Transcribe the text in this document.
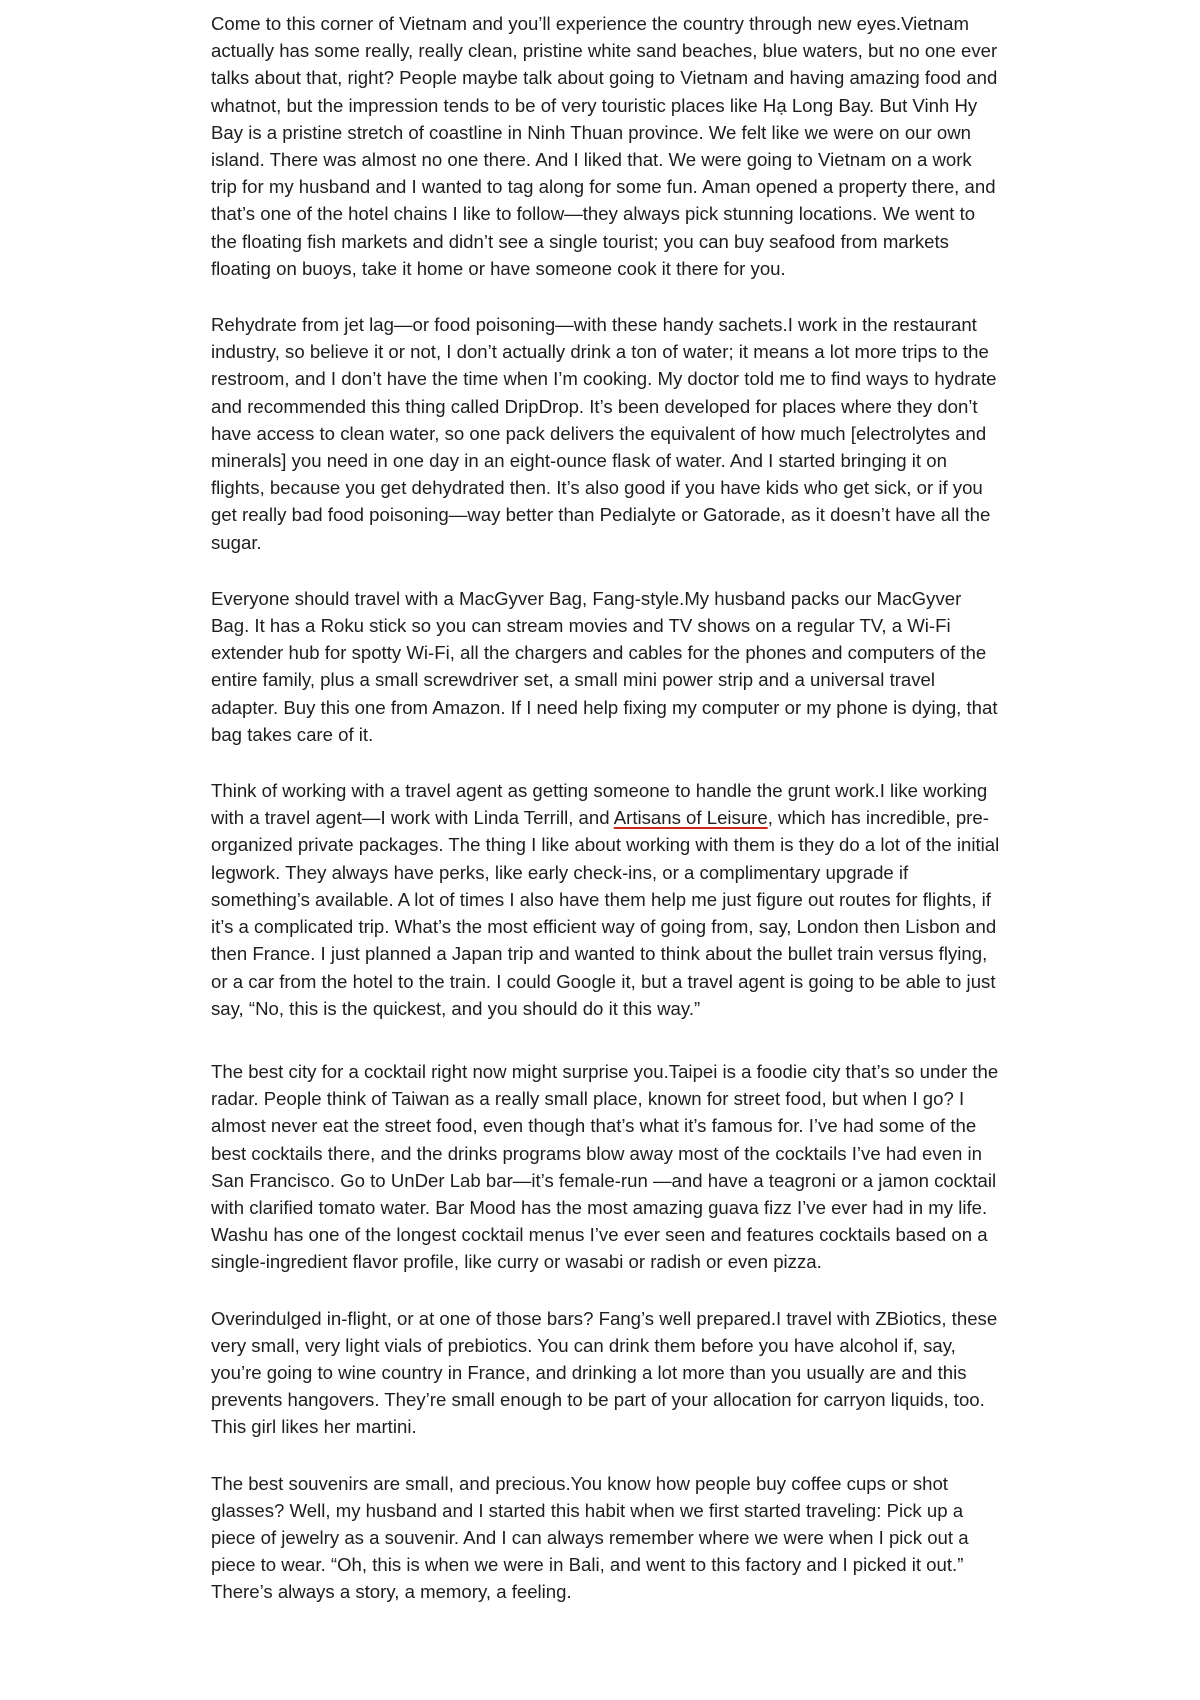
Come to this corner of Vietnam and you’ll experience the country through new eyes.Vietnam actually has some really, really clean, pristine white sand beaches, blue waters, but no one ever talks about that, right? People maybe talk about going to Vietnam and having amazing food and whatnot, but the impression tends to be of very touristic places like Hạ Long Bay. But Vinh Hy Bay is a pristine stretch of coastline in Ninh Thuan province. We felt like we were on our own island. There was almost no one there. And I liked that. We were going to Vietnam on a work trip for my husband and I wanted to tag along for some fun. Aman opened a property there, and that’s one of the hotel chains I like to follow—they always pick stunning locations. We went to the floating fish markets and didn’t see a single tourist; you can buy seafood from markets floating on buoys, take it home or have someone cook it there for you.

Rehydrate from jet lag—or food poisoning—with these handy sachets.I work in the restaurant industry, so believe it or not, I don’t actually drink a ton of water; it means a lot more trips to the restroom, and I don’t have the time when I’m cooking. My doctor told me to find ways to hydrate and recommended this thing called DripDrop. It’s been developed for places where they don’t have access to clean water, so one pack delivers the equivalent of how much [electrolytes and minerals] you need in one day in an eight-ounce flask of water. And I started bringing it on flights, because you get dehydrated then. It’s also good if you have kids who get sick, or if you get really bad food poisoning—way better than Pedialyte or Gatorade, as it doesn’t have all the sugar.

Everyone should travel with a MacGyver Bag, Fang-style.My husband packs our MacGyver Bag. It has a Roku stick so you can stream movies and TV shows on a regular TV, a Wi-Fi extender hub for spotty Wi-Fi, all the chargers and cables for the phones and computers of the entire family, plus a small screwdriver set, a small mini power strip and a universal travel adapter. Buy this one from Amazon. If I need help fixing my computer or my phone is dying, that bag takes care of it.

Think of working with a travel agent as getting someone to handle the grunt work.I like working with a travel agent—I work with Linda Terrill, and Artisans of Leisure, which has incredible, pre-organized private packages. The thing I like about working with them is they do a lot of the initial legwork. They always have perks, like early check-ins, or a complimentary upgrade if something’s available. A lot of times I also have them help me just figure out routes for flights, if it’s a complicated trip. What’s the most efficient way of going from, say, London then Lisbon and then France. I just planned a Japan trip and wanted to think about the bullet train versus flying, or a car from the hotel to the train. I could Google it, but a travel agent is going to be able to just say, “No, this is the quickest, and you should do it this way.”

The best city for a cocktail right now might surprise you.Taipei is a foodie city that’s so under the radar. People think of Taiwan as a really small place, known for street food, but when I go? I almost never eat the street food, even though that’s what it’s famous for. I’ve had some of the best cocktails there, and the drinks programs blow away most of the cocktails I’ve had even in San Francisco. Go to UnDer Lab bar—it’s female-run —and have a teagroni or a jamon cocktail with clarified tomato water. Bar Mood has the most amazing guava fizz I’ve ever had in my life. Washu has one of the longest cocktail menus I’ve ever seen and features cocktails based on a single-ingredient flavor profile, like curry or wasabi or radish or even pizza.

Overindulged in-flight, or at one of those bars? Fang’s well prepared.I travel with ZBiotics, these very small, very light vials of prebiotics. You can drink them before you have alcohol if, say, you’re going to wine country in France, and drinking a lot more than you usually are and this prevents hangovers. They’re small enough to be part of your allocation for carryon liquids, too. This girl likes her martini.

The best souvenirs are small, and precious.You know how people buy coffee cups or shot glasses? Well, my husband and I started this habit when we first started traveling: Pick up a piece of jewelry as a souvenir. And I can always remember where we were when I pick out a piece to wear. “Oh, this is when we were in Bali, and went to this factory and I picked it out.” There’s always a story, a memory, a feeling.
